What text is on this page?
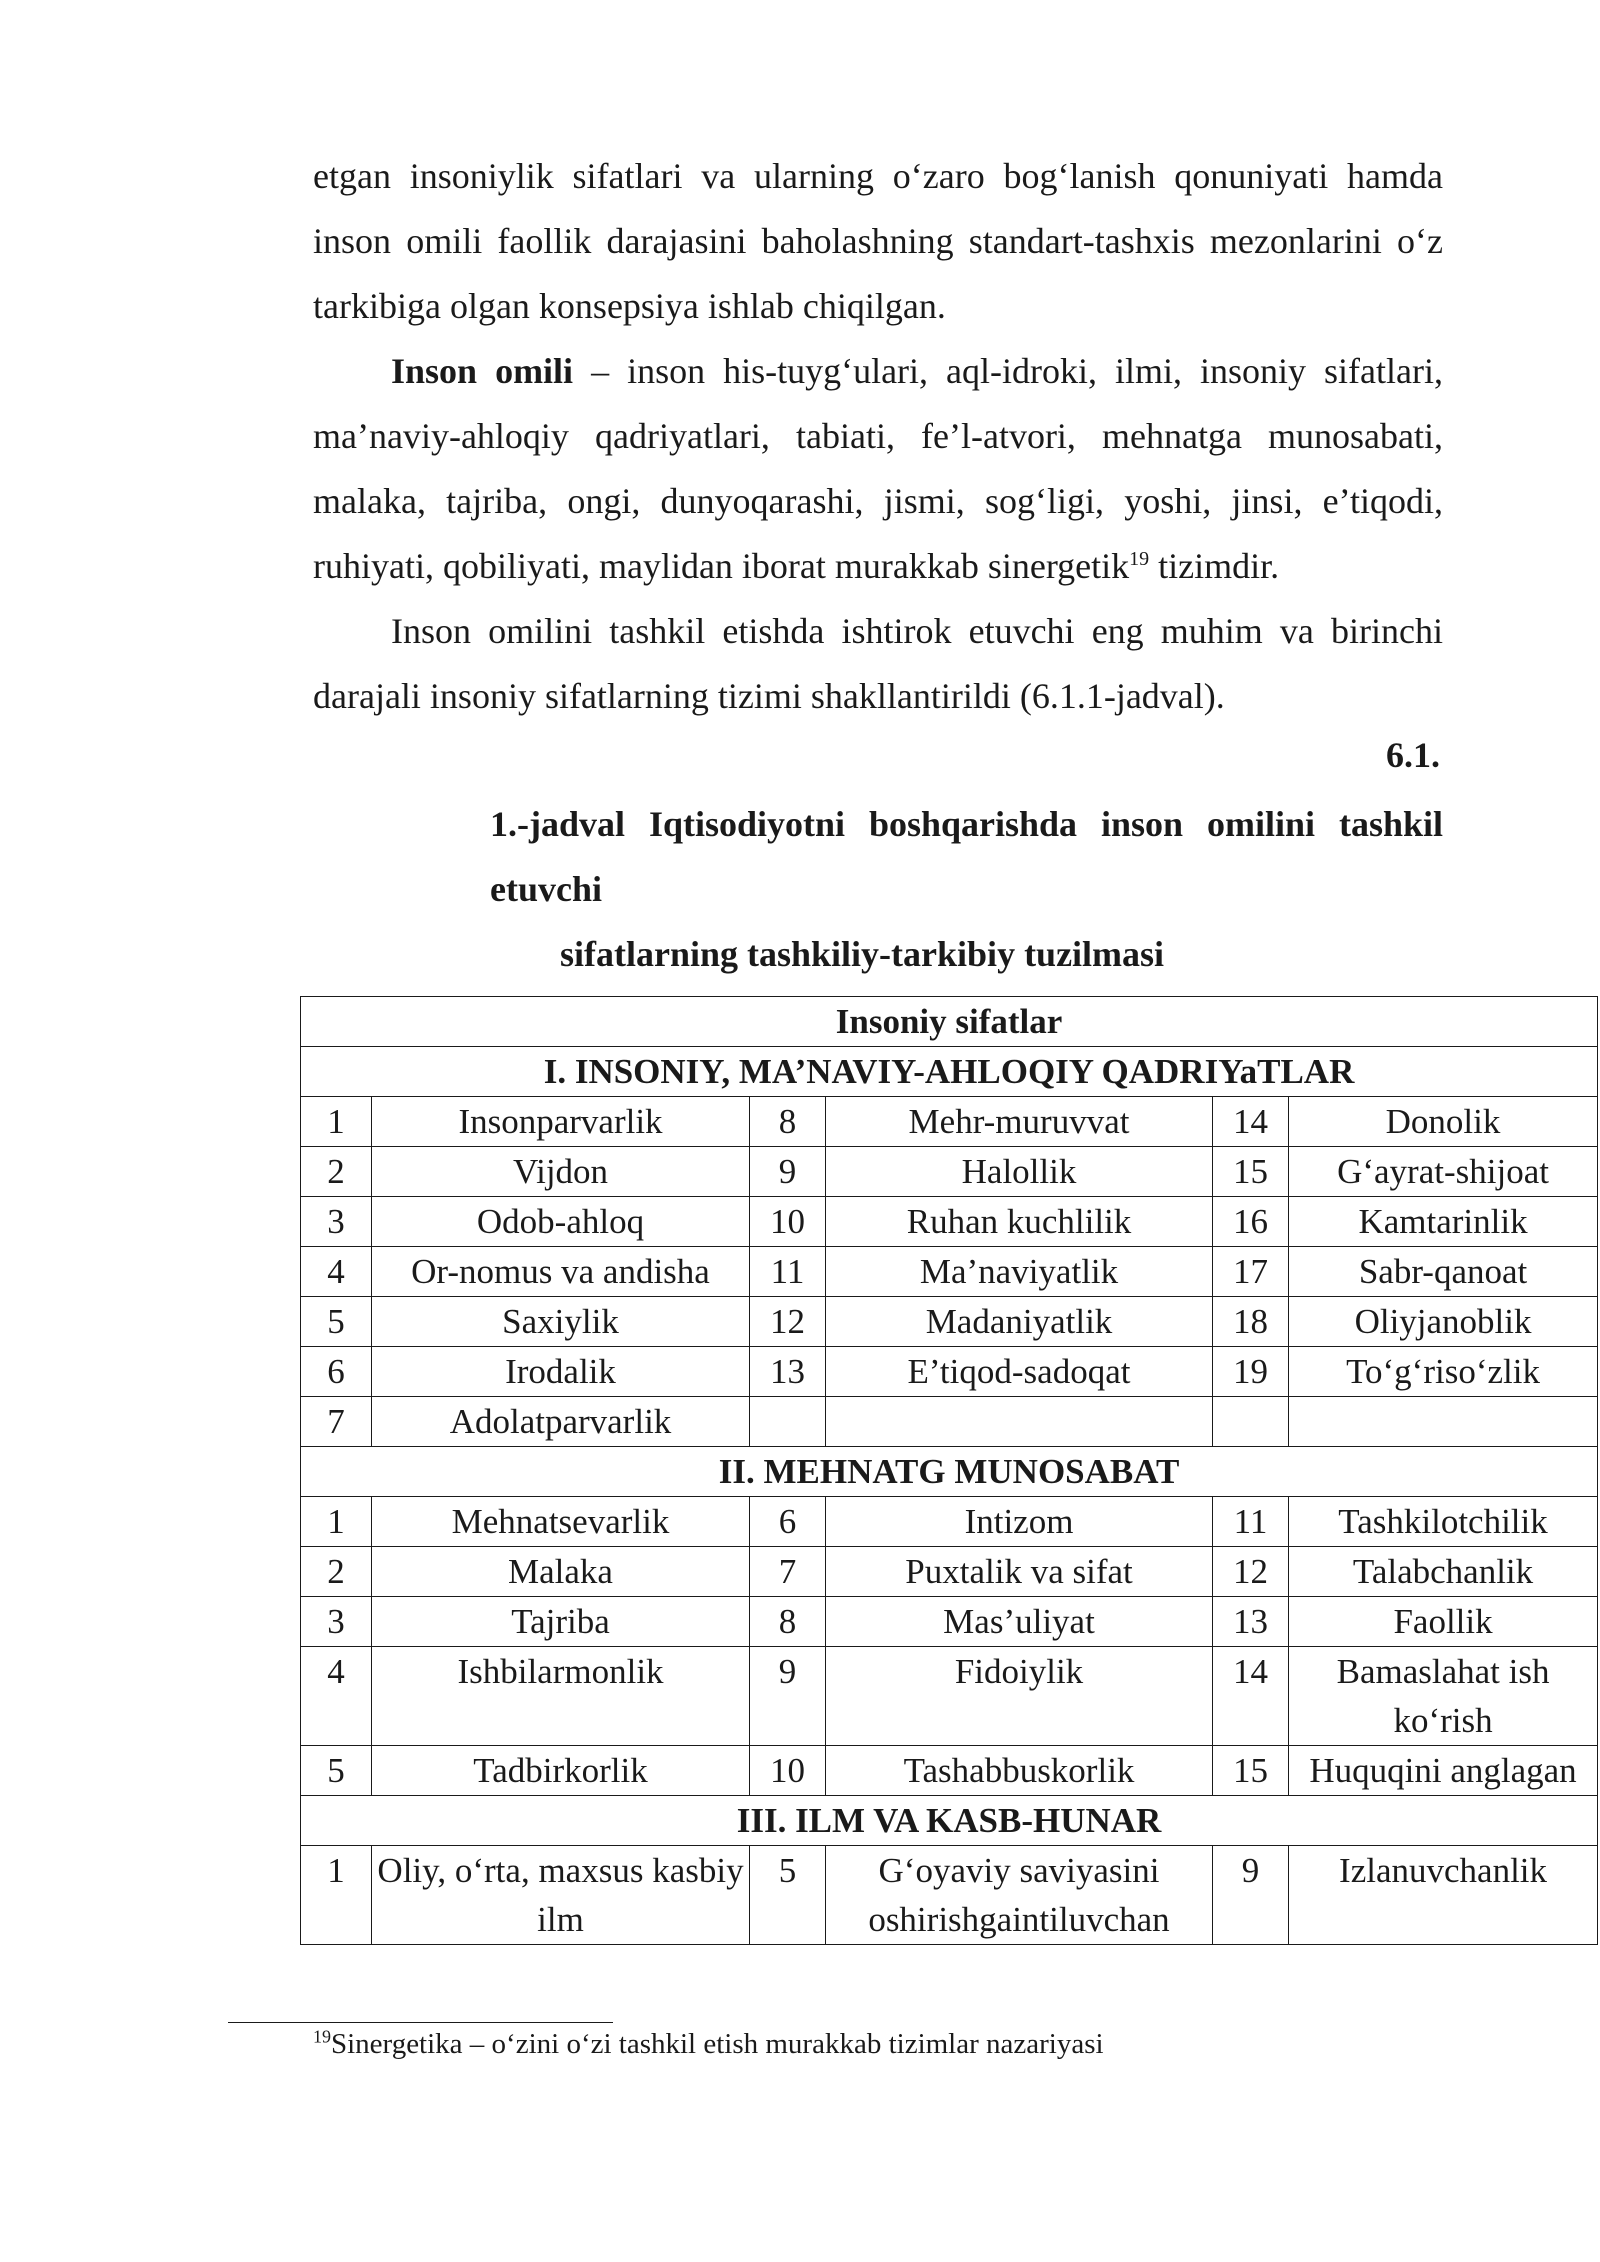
etgan insoniylik sifatlari va ularning o‘zaro bog‘lanish qonuniyati hamda inson omili faollik darajasini baholashning standart-tashxis mezonlarini o‘z tarkibiga olgan konsepsiya ishlab chiqilgan.

Inson omili – inson his-tuyg‘ulari, aql-idroki, ilmi, insoniy sifatlari, ma’naviy-ahloqiy qadriyatlari, tabiati, fe’l-atvori, mehnatga munosabati, malaka, tajriba, ongi, dunyoqarashi, jismi, sog‘ligi, yoshi, jinsi, e’tiqodi, ruhiyati, qobiliyati, maylidan iborat murakkab sinergetik$^{19}$ tizimdir.

Inson omilini tashkil etishda ishtirok etuvchi eng muhim va birinchi darajali insoniy sifatlarning tizimi shakllantirildi (6.1.1-jadval).

6.1.
1.-jadval Iqtisodiyotni boshqarishda inson omilini tashkil etuvchi
sifatlarning tashkiliy-tarkibiy tuzilmasi
Insoniy sifatlar					
I. INSONIY, MA’NAVIY-AHLOQIY QADRIYaTLAR					
1	Insonparvarlik	8	Mehr-muruvvat	14	Donolik
2	Vijdon	9	Halollik	15	G‘ayrat-shijoat
3	Odob-ahloq	10	Ruhan kuchlilik	16	Kamtarinlik
4	Or-nomus va andisha	11	Ma’naviyatlik	17	Sabr-qanoat
5	Saxiylik	12	Madaniyatlik	18	Oliyjanoblik
6	Irodalik	13	E’tiqod-sadoqat	19	To‘g‘riso‘zlik
7	Adolatparvarlik				
II. MEHNATG MUNOSABAT					
1	Mehnatsevarlik	6	Intizom	11	Tashkilotchilik
2	Malaka	7	Puxtalik va sifat	12	Talabchanlik
3	Tajriba	8	Mas’uliyat	13	Faollik
4	Ishbilarmonlik	9	Fidoiylik	14	Bamaslahat ish ko‘rish
5	Tadbirkorlik	10	Tashabbuskorlik	15	Huquqini anglagan
III. ILM VA KASB-HUNAR					
1	Oliy, o‘rta, maxsus kasbiy ilm	5	G‘oyaviy saviyasini oshirishgaintiluvchan	9	Izlanuvchanlik
$^{19}$Sinergetika – o‘zini o‘zi tashkil etish murakkab tizimlar nazariyasi
